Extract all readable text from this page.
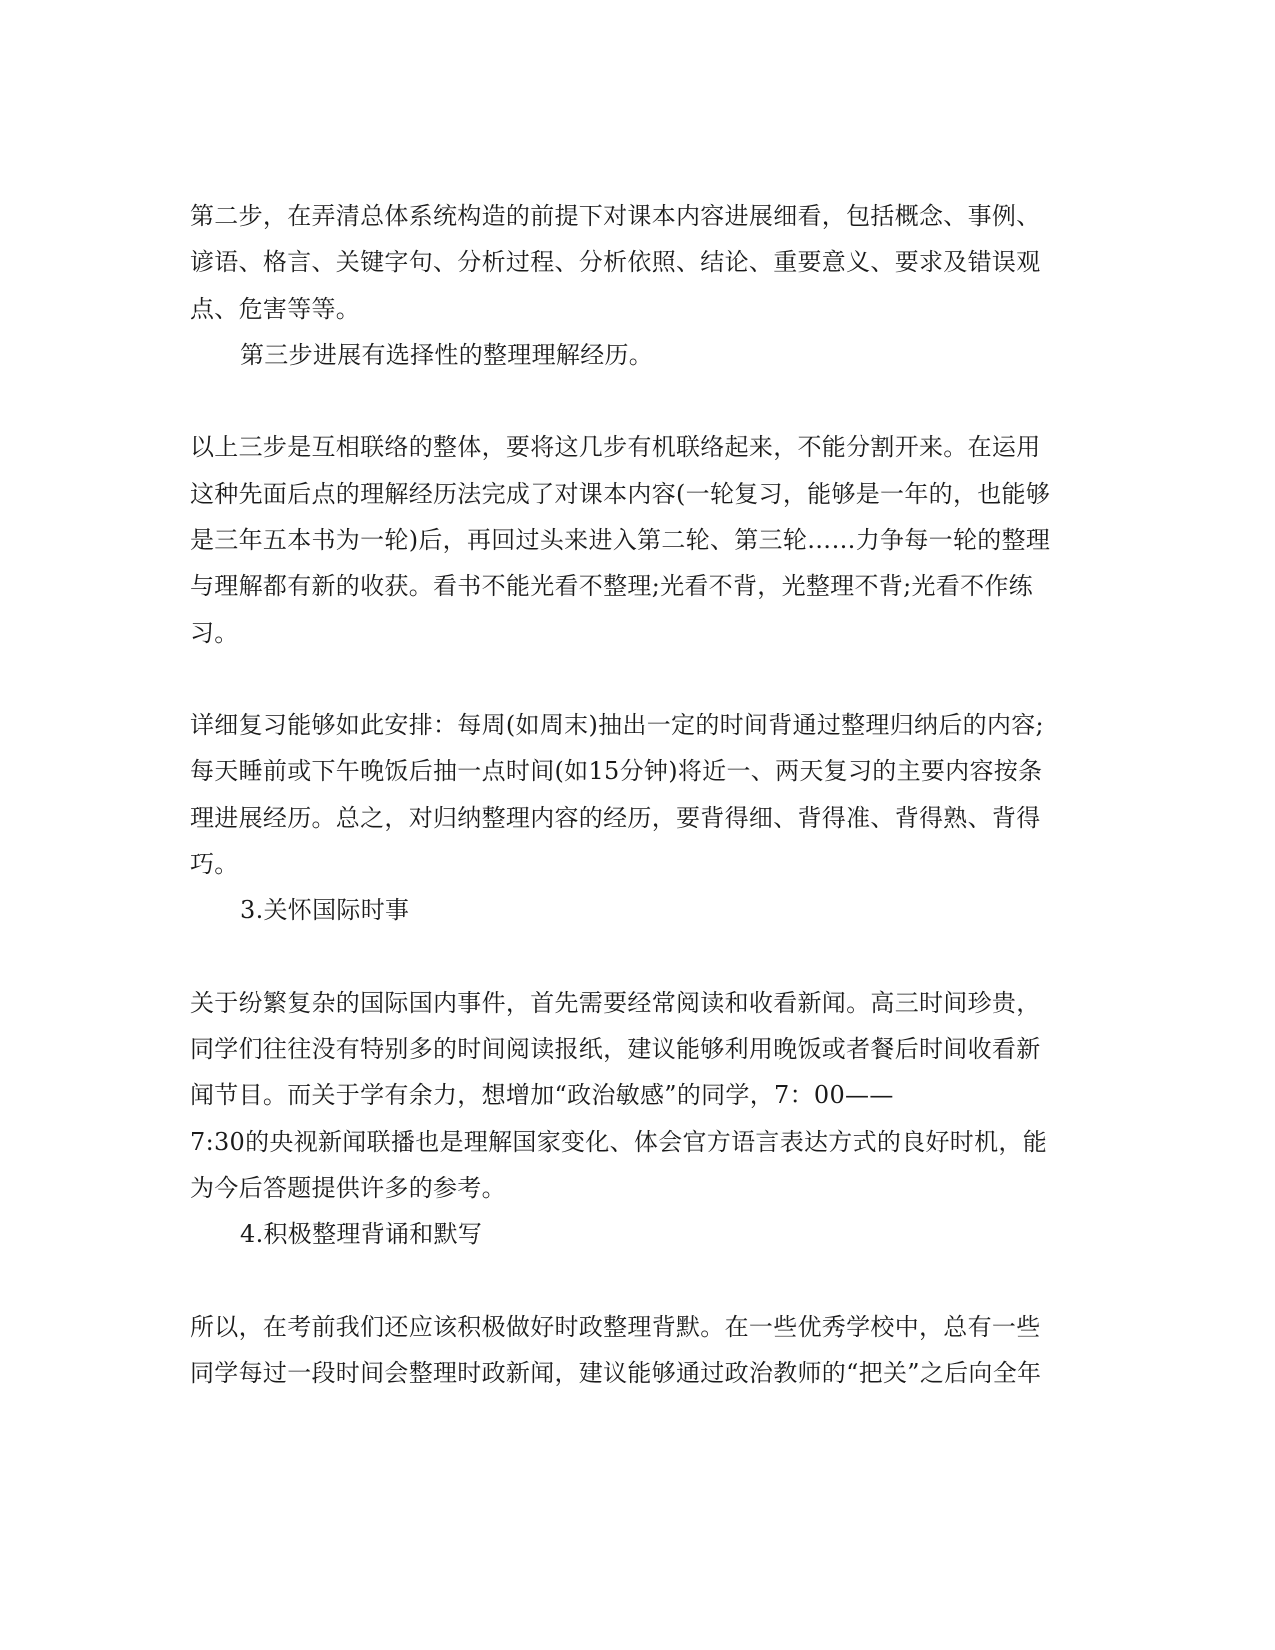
第二步，在弄清总体系统构造的前提下对课本内容进展细看，包括概念、事例、

谚语、格言、关键字句、分析过程、分析依照、结论、重要意义、要求及错误观

点、危害等等。

第三步进展有选择性的整理理解经历。

以上三步是互相联络的整体，要将这几步有机联络起来，不能分割开来。在运用

这种先面后点的理解经历法完成了对课本内容(一轮复习，能够是一年的，也能够

是三年五本书为一轮)后，再回过头来进入第二轮、第三轮……力争每一轮的整理

与理解都有新的收获。看书不能光看不整理;光看不背，光整理不背;光看不作练

习。

详细复习能够如此安排：每周(如周末)抽出一定的时间背通过整理归纳后的内容;

每天睡前或下午晚饭后抽一点时间(如15分钟)将近一、两天复习的主要内容按条

理进展经历。总之，对归纳整理内容的经历，要背得细、背得准、背得熟、背得

巧。

3.关怀国际时事

关于纷繁复杂的国际国内事件，首先需要经常阅读和收看新闻。高三时间珍贵，

同学们往往没有特别多的时间阅读报纸，建议能够利用晚饭或者餐后时间收看新

闻节目。而关于学有余力，想增加“政治敏感”的同学，7：00——

7:30的央视新闻联播也是理解国家变化、体会官方语言表达方式的良好时机，能

为今后答题提供许多的参考。

4.积极整理背诵和默写

所以，在考前我们还应该积极做好时政整理背默。在一些优秀学校中，总有一些

同学每过一段时间会整理时政新闻，建议能够通过政治教师的“把关”之后向全年
